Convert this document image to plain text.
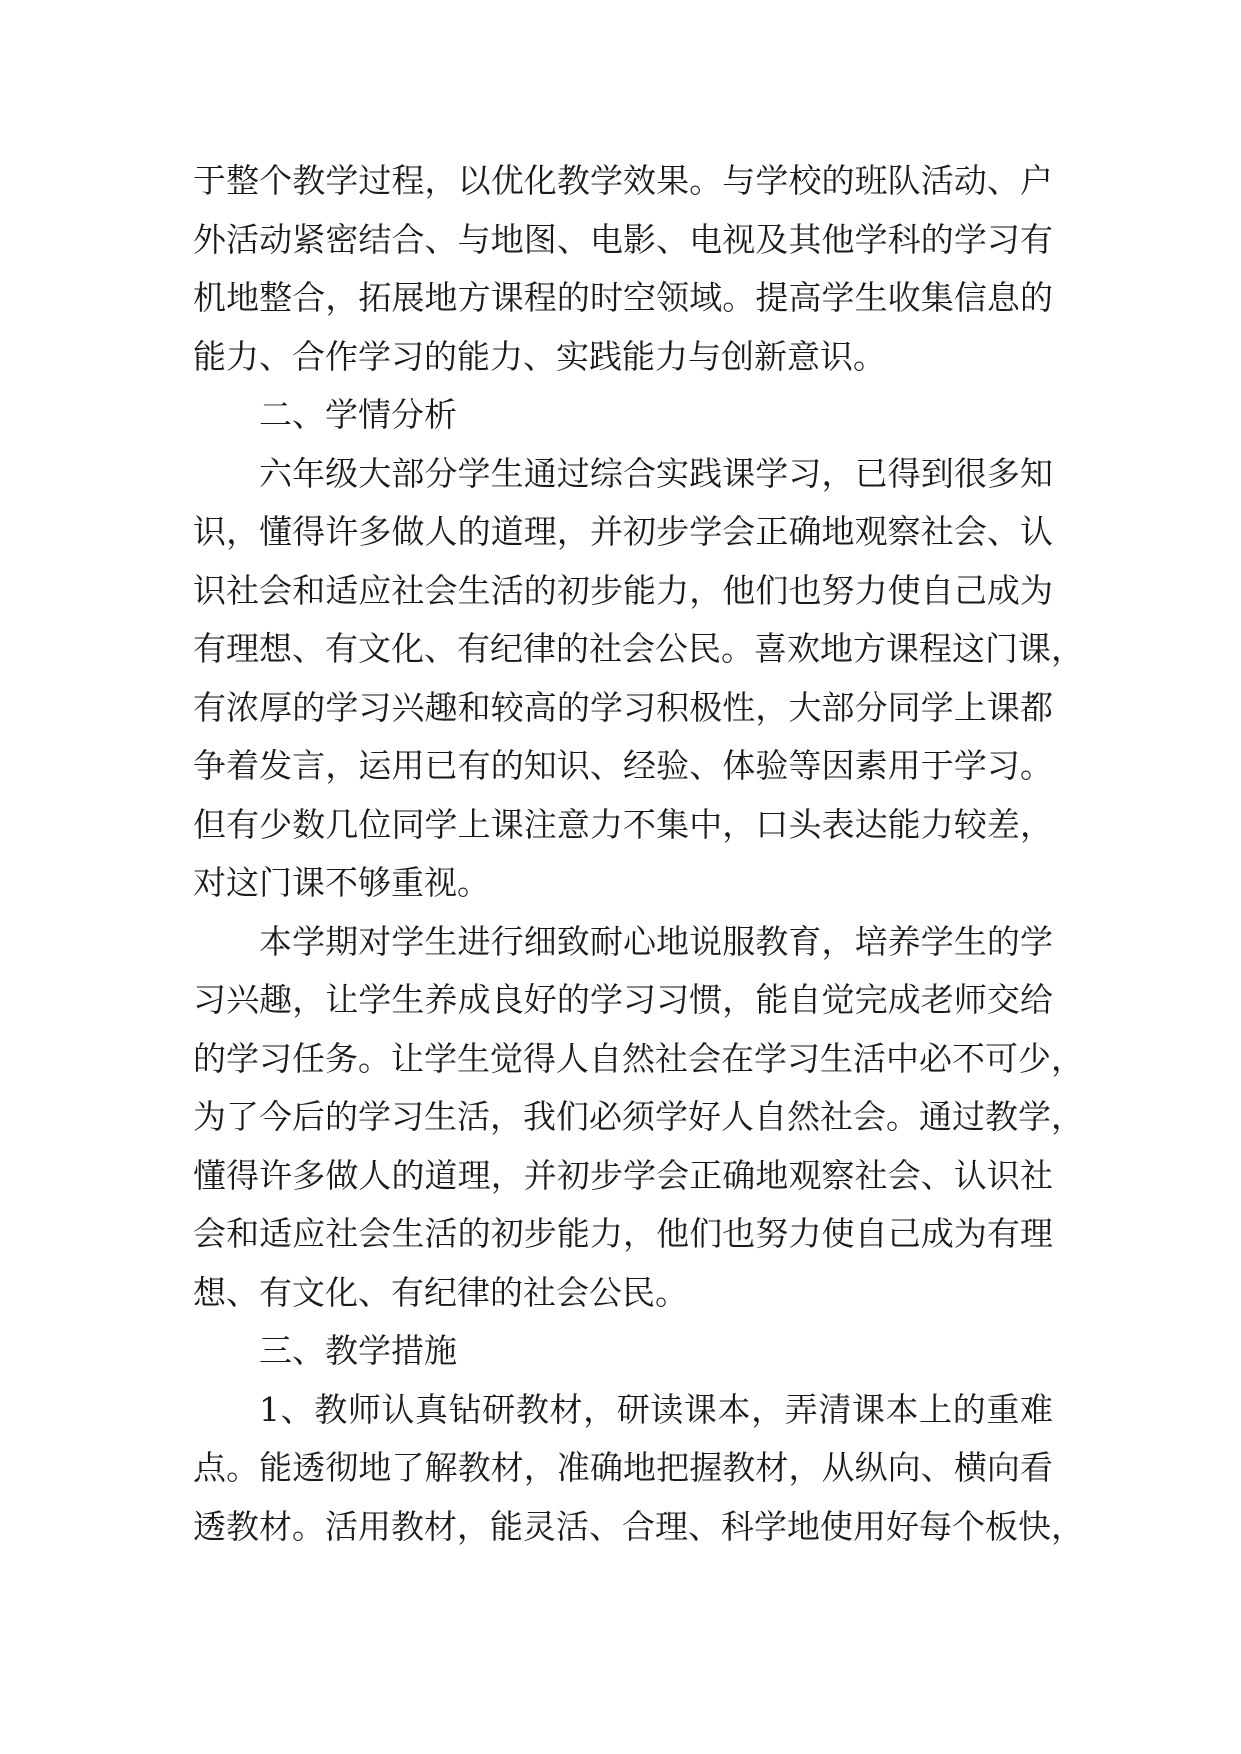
于整个教学过程，以优化教学效果。与学校的班队活动、户
外活动紧密结合、与地图、电影、电视及其他学科的学习有
机地整合，拓展地方课程的时空领域。提高学生收集信息的
能力、合作学习的能力、实践能力与创新意识。
二、学情分析
六年级大部分学生通过综合实践课学习，已得到很多知
识，懂得许多做人的道理，并初步学会正确地观察社会、认
识社会和适应社会生活的初步能力，他们也努力使自己成为
有理想、有文化、有纪律的社会公民。喜欢地方课程这门课，
有浓厚的学习兴趣和较高的学习积极性，大部分同学上课都
争着发言，运用已有的知识、经验、体验等因素用于学习。
但有少数几位同学上课注意力不集中，口头表达能力较差，
对这门课不够重视。
本学期对学生进行细致耐心地说服教育，培养学生的学
习兴趣，让学生养成良好的学习习惯，能自觉完成老师交给
的学习任务。让学生觉得人自然社会在学习生活中必不可少，
为了今后的学习生活，我们必须学好人自然社会。通过教学，
懂得许多做人的道理，并初步学会正确地观察社会、认识社
会和适应社会生活的初步能力，他们也努力使自己成为有理
想、有文化、有纪律的社会公民。
三、教学措施
1、教师认真钻研教材，研读课本，弄清课本上的重难
点。能透彻地了解教材，准确地把握教材，从纵向、横向看
透教材。活用教材，能灵活、合理、科学地使用好每个板快，
